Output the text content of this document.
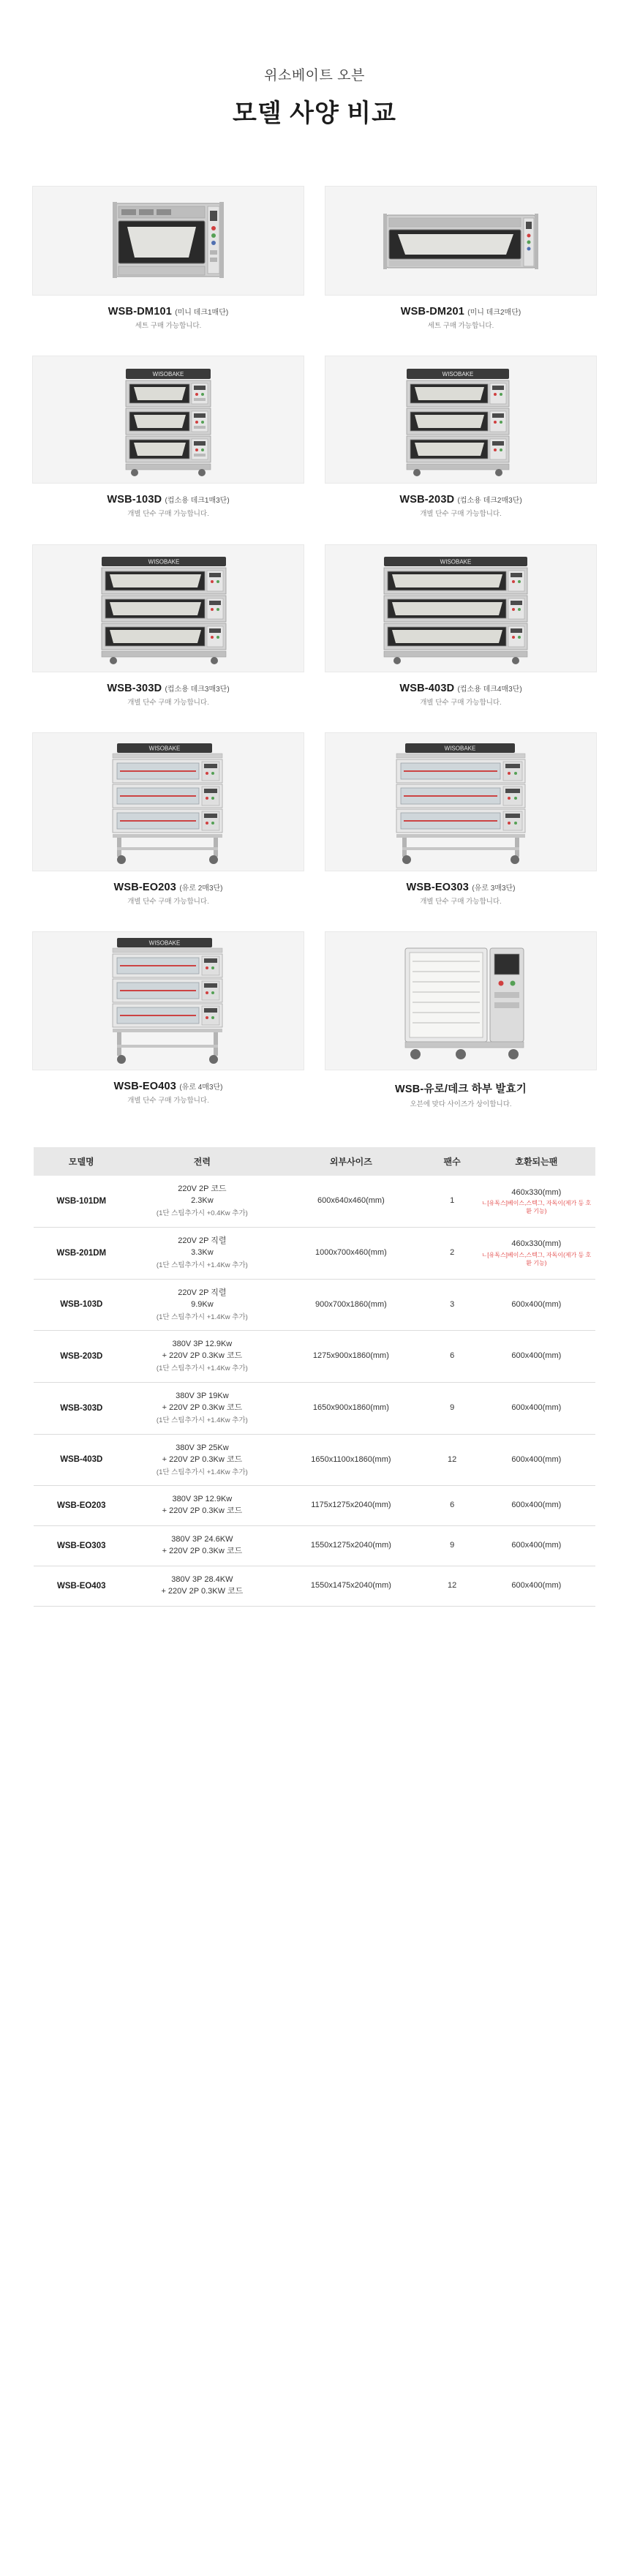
위소베이트 오븐
모델 사양 비교
WSB-DM101 (미니 데크1매단)
세트 구매 가능합니다.
WSB-DM201 (미니 데크2매단)
세트 구매 가능합니다.
WISOBAKE
WSB-103D (컵소용 데크1매3단)
개별 단수 구매 가능합니다.
WISOBAKE
WSB-203D (컵소용 데크2매3단)
개별 단수 구매 가능합니다.
WISOBAKE
WSB-303D (컵소용 데크3매3단)
개별 단수 구매 가능합니다.
WISOBAKE
WSB-403D (컵소용 데크4매3단)
개별 단수 구매 가능합니다.
WISOBAKE
WSB-EO203 (유로 2매3단)
개별 단수 구매 가능합니다.
WISOBAKE
WSB-EO303 (유로 3매3단)
개별 단수 구매 가능합니다.
WISOBAKE
WSB-EO403 (유로 4매3단)
개별 단수 구매 가능합니다.
WSB-유로/데크 하부 발효기
오븐에 맞다 사이즈가 상이합니다.
모델명	전력	외부사이즈	팬수	호환되는팬
WSB-101DM	220V 2P 코드
2.3Kw
(1단 스팀추가시 +0.4Kw 추가)	600x640x460(mm)	1	460x330(mm)
ㄴ[유독스]베이스,스텍그, 자독이(제가 등 호환 기능)

WSB-201DM	220V 2P 직렬
3.3Kw
(1단 스팀추가시 +1.4Kw 추가)	1000x700x460(mm)	2	460x330(mm)
ㄴ[유독스]베이스,스텍그, 자독이(제가 등 호환 기능)

WSB-103D	220V 2P 직렬
9.9Kw
(1단 스팀추가시 +1.4Kw 추가)	900x700x1860(mm)	3	600x400(mm)

WSB-203D	380V 3P 12.9Kw
+ 220V 2P 0.3Kw 코드
(1단 스팀추가시 +1.4Kw 추가)	1275x900x1860(mm)	6	600x400(mm)

WSB-303D	380V 3P 19Kw
+ 220V 2P 0.3Kw 코드
(1단 스팀추가시 +1.4Kw 추가)	1650x900x1860(mm)	9	600x400(mm)

WSB-403D	380V 3P 25Kw
+ 220V 2P 0.3Kw 코드
(1단 스팀추가시 +1.4Kw 추가)	1650x1100x1860(mm)	12	600x400(mm)

WSB-EO203	380V 3P 12.9Kw
+ 220V 2P 0.3Kw 코드	1175x1275x2040(mm)	6	600x400(mm)

WSB-EO303	380V 3P 24.6KW
+ 220V 2P 0.3Kw 코드	1550x1275x2040(mm)	9	600x400(mm)

WSB-EO403	380V 3P 28.4KW
+ 220V 2P 0.3KW 코드	1550x1475x2040(mm)	12	600x400(mm)
